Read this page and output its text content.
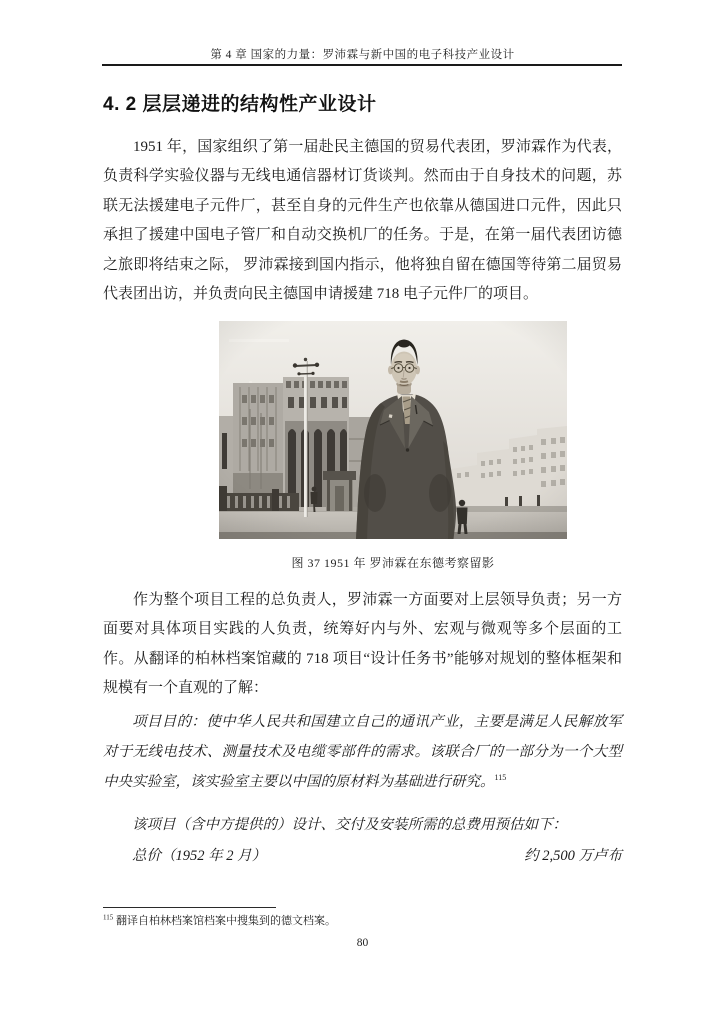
第 4 章 国家的力量：罗沛霖与新中国的电子科技产业设计
4. 2 层层递进的结构性产业设计

1951 年，国家组织了第一届赴民主德国的贸易代表团，罗沛霖作为代表，负责科学实验仪器与无线电通信器材订货谈判。然而由于自身技术的问题，苏联无法援建电子元件厂，甚至自身的元件生产也依靠从德国进口元件，因此只承担了援建中国电子管厂和自动交换机厂的任务。于是，在第一届代表团访德之旅即将结束之际， 罗沛霖接到国内指示，他将独自留在德国等待第二届贸易代表团出访，并负责向民主德国申请援建 718 电子元件厂的项目。

图 37 1951 年 罗沛霖在东德考察留影

作为整个项目工程的总负责人，罗沛霖一方面要对上层领导负责；另一方面要对具体项目实践的人负责，统筹好内与外、宏观与微观等多个层面的工作。从翻译的柏林档案馆藏的 718 项目“设计任务书”能够对规划的整体框架和规模有一个直观的了解：

项目目的：使中华人民共和国建立自己的通讯产业，主要是满足人民解放军对于无线电技术、测量技术及电缆零部件的需求。该联合厂的一部分为一个大型中央实验室，该实验室主要以中国的原材料为基础进行研究。$^{115}$

该项目（含中方提供的）设计、交付及安装所需的总费用预估如下：

总价（1952 年 2 月）	约 2,500 万卢布

$^{115}$ 翻译自柏林档案馆档案中搜集到的德文档案。

80
